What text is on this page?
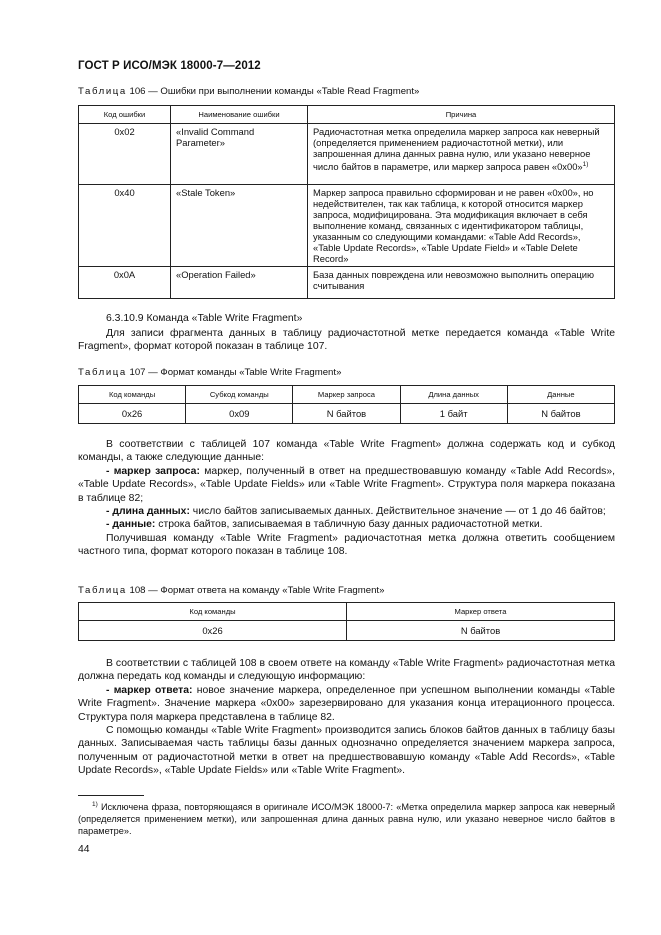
ГОСТ Р ИСО/МЭК 18000-7—2012
Таблица 106 — Ошибки при выполнении команды «Table Read Fragment»
Код ошибки	Наименование ошибки	Причина
0x02	«Invalid Command Parameter»	Радиочастотная метка определила маркер запроса как неверный (определяется применением радиочастотной метки), или запрошенная длина данных равна нулю, или указано неверное число байтов в параметре, или маркер запроса равен «0x00»$^{1)}$
0x40	«Stale Token»	Маркер запроса правильно сформирован и не равен «0x00», но недействителен, так как таблица, к которой относится маркер запроса, модифицирована. Эта модификация включает в себя выполнение команд, связанных с идентификатором таблицы, указанным со следующими командами: «Table Add Records», «Table Update Records», «Table Update Field» и «Table Delete Record»
0x0A	«Operation Failed»	База данных повреждена или невозможно выполнить операцию считывания
6.3.10.9 Команда «Table Write Fragment»

Для записи фрагмента данных в таблицу радиочастотной метке передается команда «Table Write Fragment», формат которой показан в таблице 107.

Таблица 107 — Формат команды «Table Write Fragment»
Код команды	Субкод команды	Маркер запроса	Длина данных	Данные
0x26	0x09	N байтов	1 байт	N байтов

В соответствии с таблицей 107 команда «Table Write Fragment» должна содержать код и субкод команды, а также следующие данные:

- маркер запроса: маркер, полученный в ответ на предшествовавшую команду «Table Add Records», «Table Update Records», «Table Update Fields» или «Table Write Fragment». Структура поля маркера показана в таблице 82;

- длина данных: число байтов записываемых данных. Действительное значение — от 1 до 46 байтов;

- данные: строка байтов, записываемая в табличную базу данных радиочастотной метки.

Получившая команду «Table Write Fragment» радиочастотная метка должна ответить сообщением частного типа, формат которого показан в таблице 108.

Таблица 108 — Формат ответа на команду «Table Write Fragment»
Код команды	Маркер ответа
0x26	N байтов

В соответствии с таблицей 108 в своем ответе на команду «Table Write Fragment» радиочастотная метка должна передать код команды и следующую информацию:

- маркер ответа: новое значение маркера, определенное при успешном выполнении команды «Table Write Fragment». Значение маркера «0x00» зарезервировано для указания конца итерационного процесса. Структура поля маркера представлена в таблице 82.

С помощью команды «Table Write Fragment» производится запись блоков байтов данных в таблицу базы данных. Записываемая часть таблицы базы данных однозначно определяется значением маркера запроса, полученным от радиочастотной метки в ответ на предшествовавшую команду «Table Add Records», «Table Update Records», «Table Update Fields» или «Table Write Fragment».

$^{1)}$ Исключена фраза, повторяющаяся в оригинале ИСО/МЭК 18000-7: «Метка определила маркер запроса как неверный (определяется применением метки), или запрошенная длина данных равна нулю, или указано неверное число байтов в параметре».

44
